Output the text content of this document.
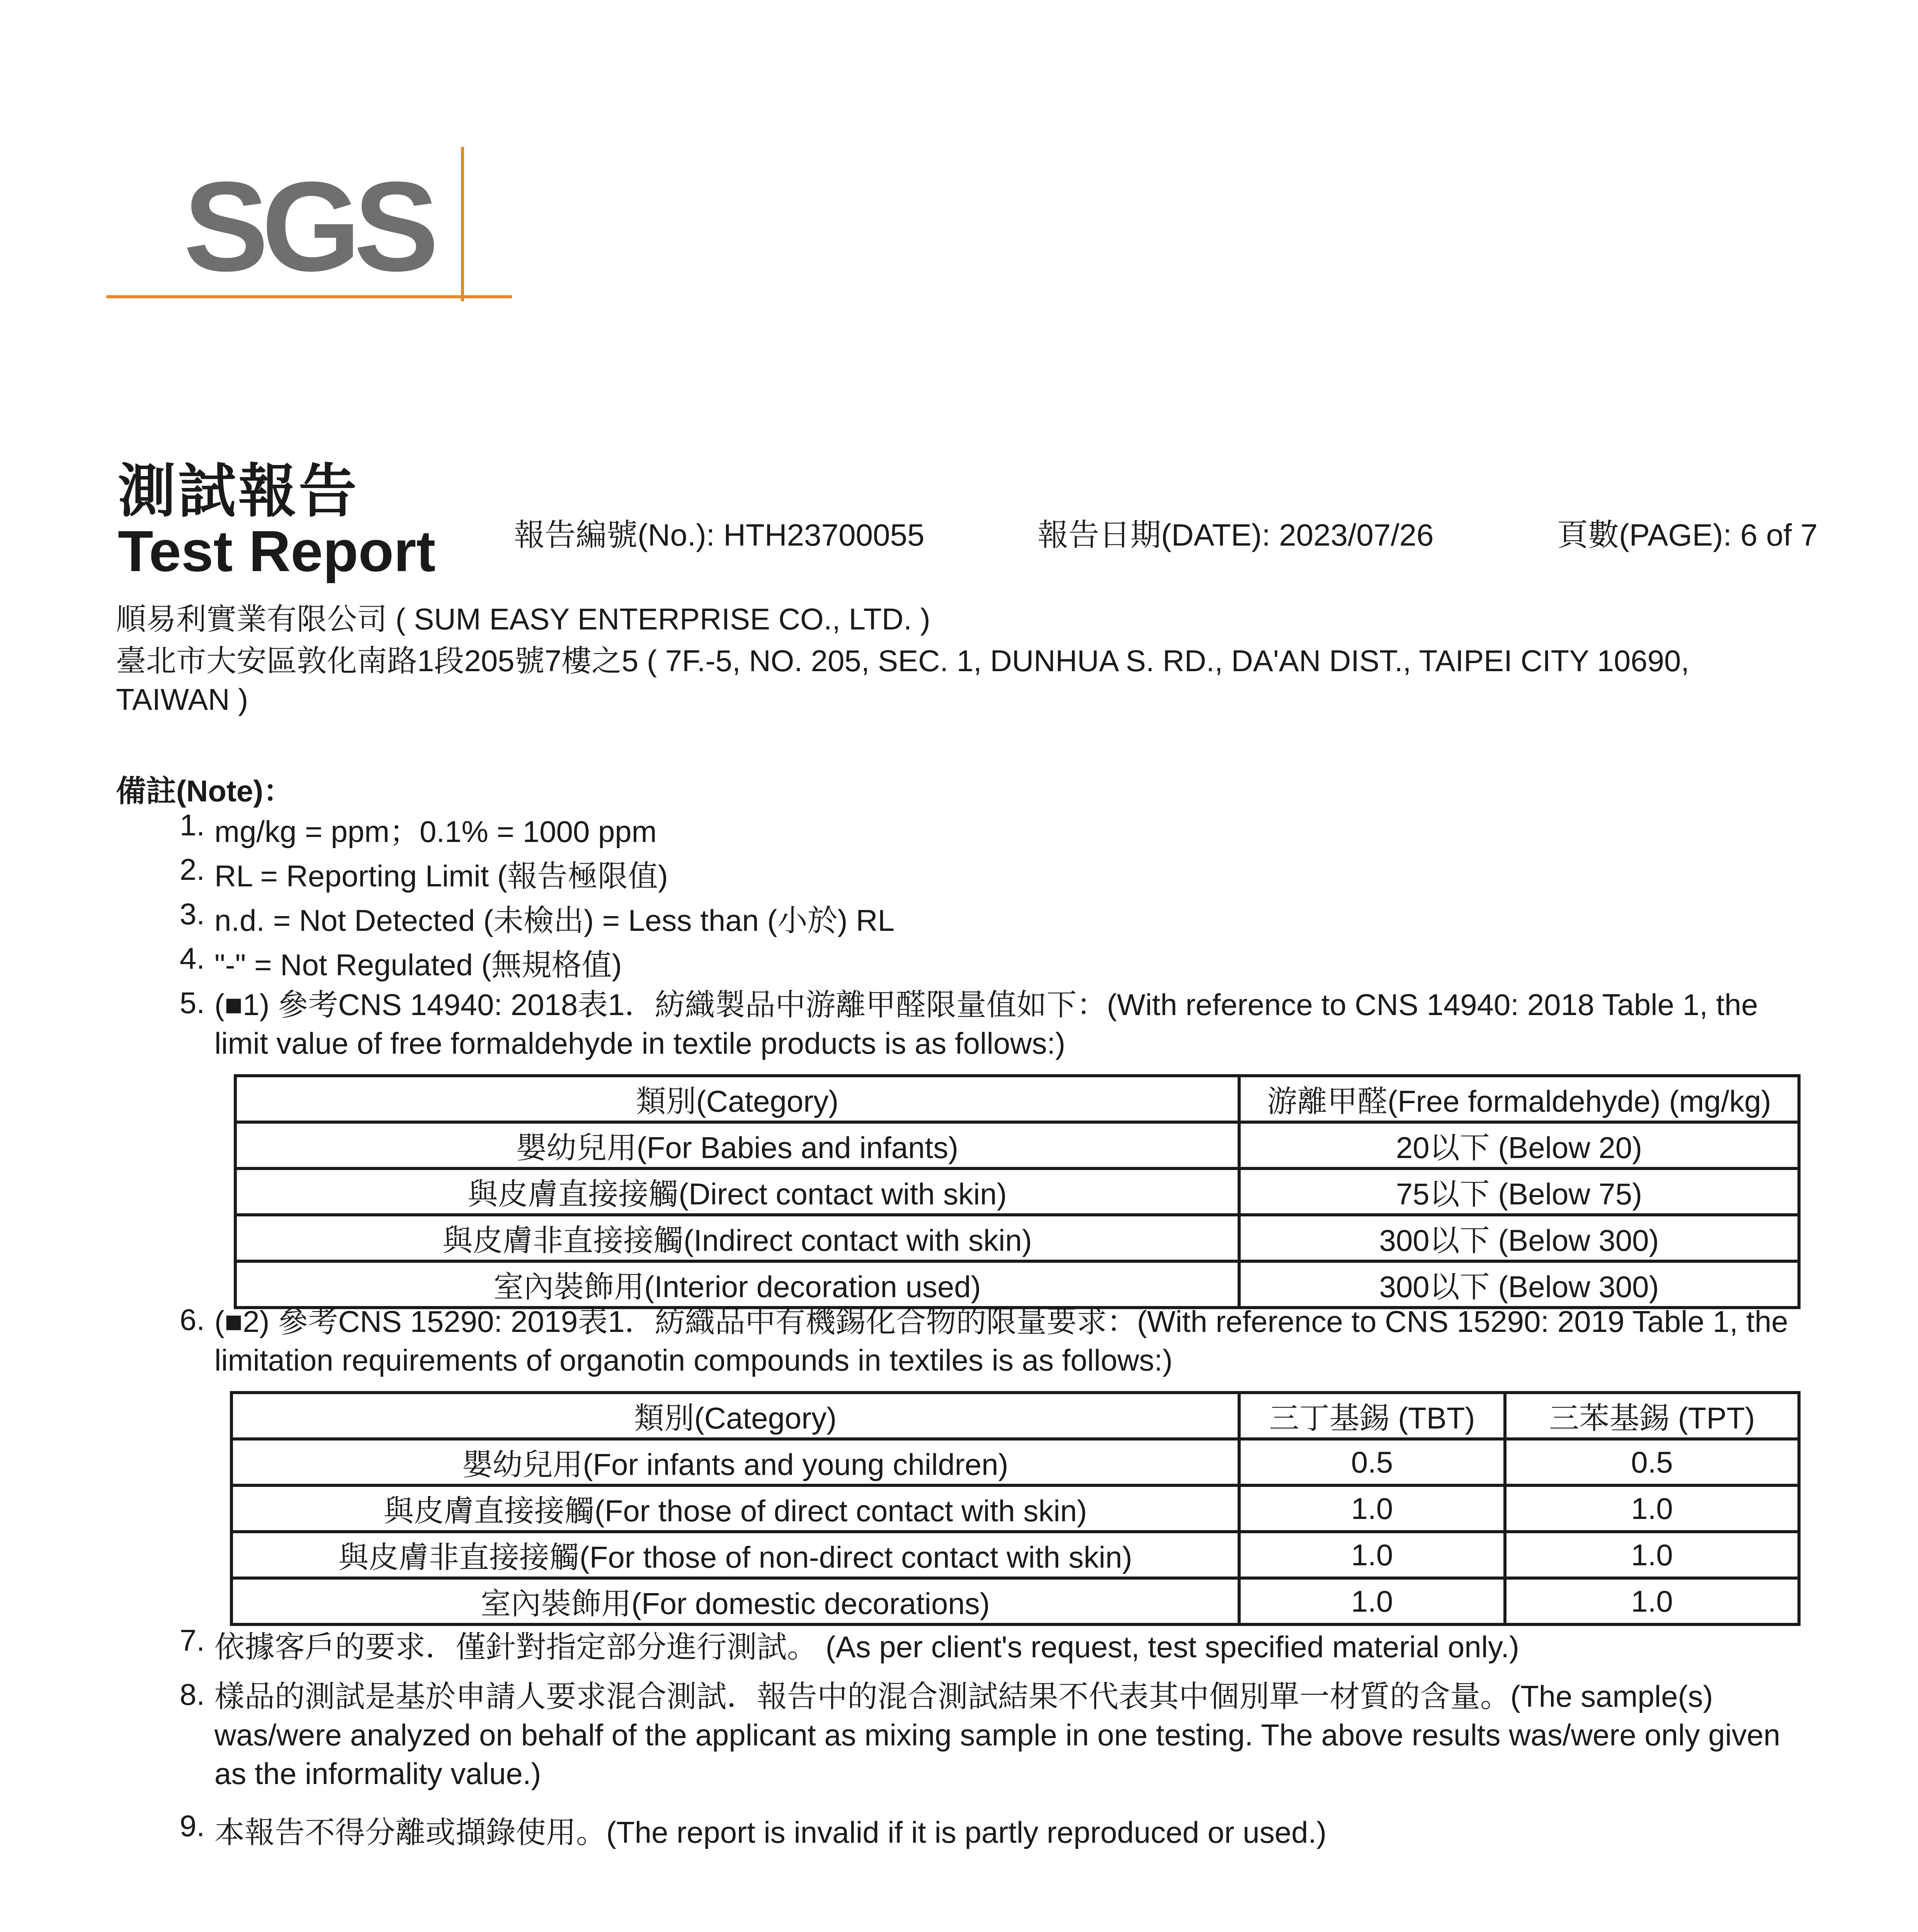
SGS
測試報告
Test Report	報告編號(No.): HTH23700055	報告日期(DATE): 2023/07/26	頁數(PAGE): 6 of 7
順易利實業有限公司 ( SUM EASY ENTERPRISE CO., LTD. )
臺北市大安區敦化南路1段205號7樓之5 ( 7F.-5, NO. 205, SEC. 1, DUNHUA S. RD., DA'AN DIST., TAIPEI CITY 10690, TAIWAN )
備註(Note)：
1. mg/kg = ppm；0.1% = 1000 ppm
2. RL = Reporting Limit (報告極限值)
3. n.d. = Not Detected (未檢出) = Less than (小於) RL
4. "-" = Not Regulated (無規格值)
5. (■1) 參考CNS 14940: 2018表1．紡織製品中游離甲醛限量值如下：(With reference to CNS 14940: 2018 Table 1, the limit value of free formaldehyde in textile products is as follows:)
類別(Category)	游離甲醛(Free formaldehyde) (mg/kg)
嬰幼兒用(For Babies and infants)	20以下 (Below 20)
與皮膚直接接觸(Direct contact with skin)	75以下 (Below 75)
與皮膚非直接接觸(Indirect contact with skin)	300以下 (Below 300)
室內裝飾用(Interior decoration used)	300以下 (Below 300)
6. (■2) 參考CNS 15290: 2019表1．紡織品中有機錫化合物的限量要求：(With reference to CNS 15290: 2019 Table 1, the limitation requirements of organotin compounds in textiles is as follows:)
類別(Category)	三丁基錫 (TBT)	三苯基錫 (TPT)
嬰幼兒用(For infants and young children)	0.5	0.5
與皮膚直接接觸(For those of direct contact with skin)	1.0	1.0
與皮膚非直接接觸(For those of non-direct contact with skin)	1.0	1.0
室內裝飾用(For domestic decorations)	1.0	1.0
7. 依據客戶的要求．僅針對指定部分進行測試。 (As per client's request, test specified material only.)
8. 樣品的測試是基於申請人要求混合測試．報告中的混合測試結果不代表其中個別單一材質的含量。(The sample(s) was/were analyzed on behalf of the applicant as mixing sample in one testing. The above results was/were only given as the informality value.)
9. 本報告不得分離或擷錄使用。(The report is invalid if it is partly reproduced or used.)
